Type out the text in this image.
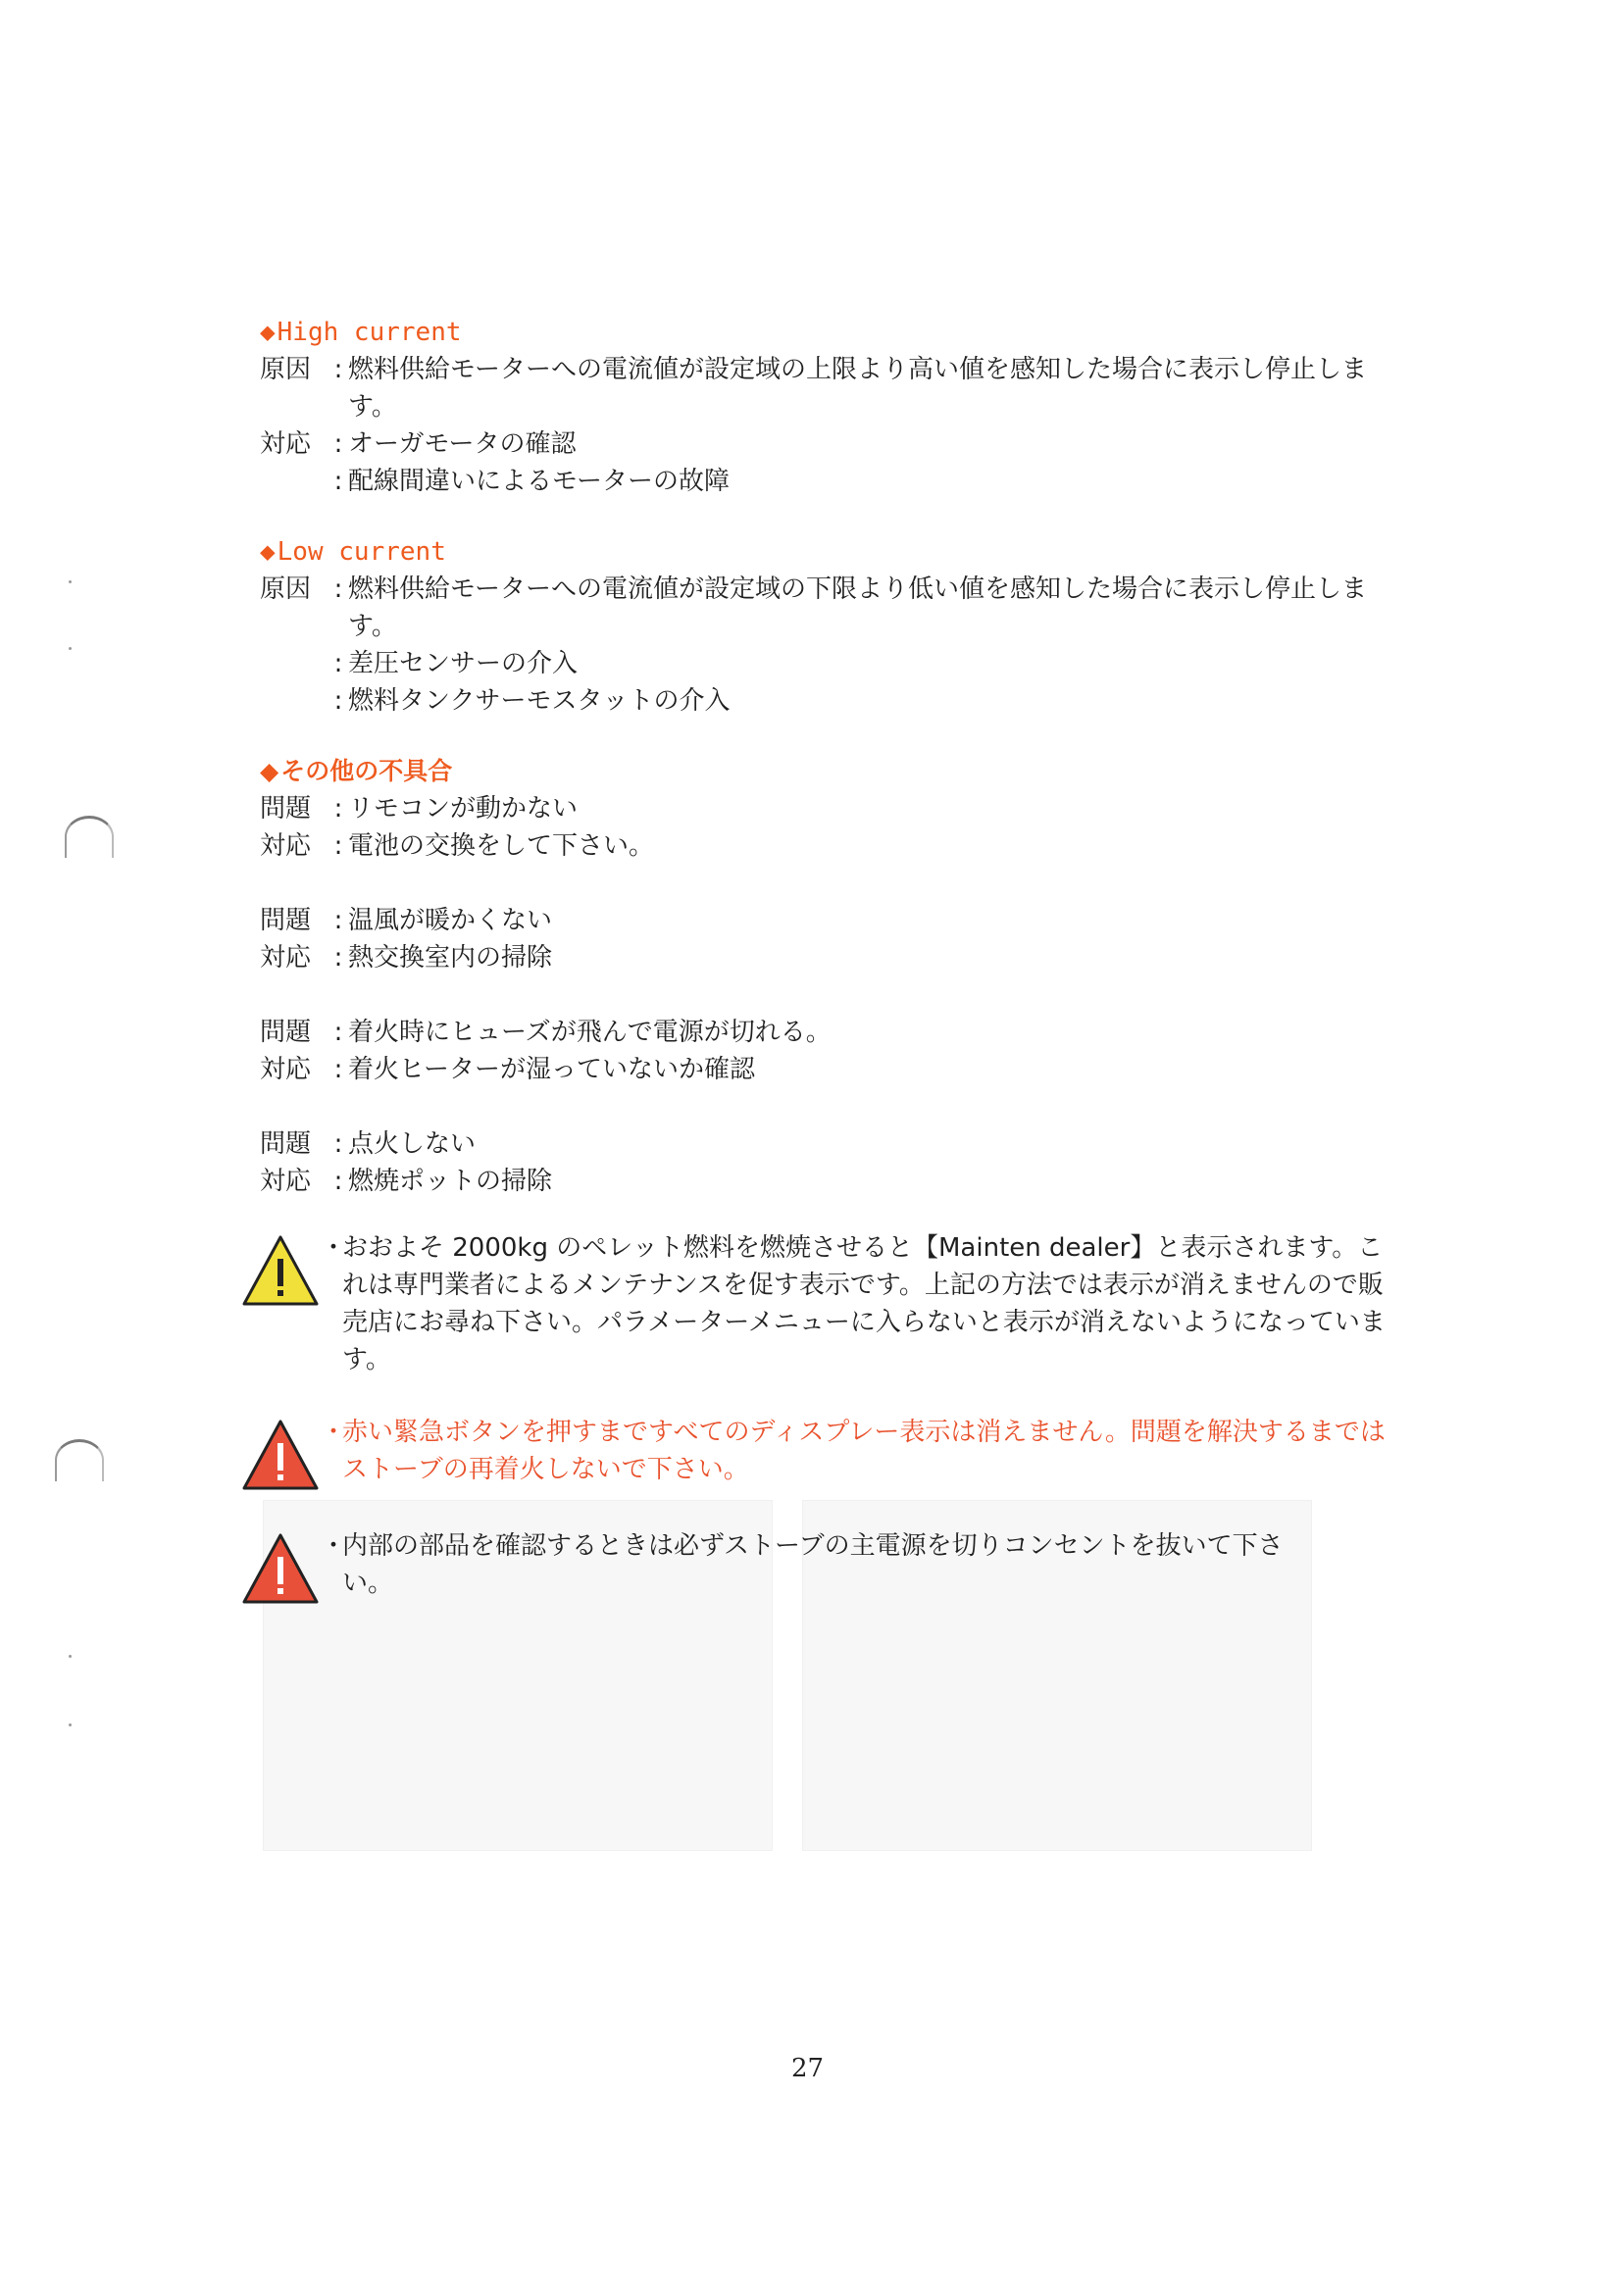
◆High current
原因 : 燃料供給モーターへの電流値が設定域の上限より高い値を感知した場合に表示し停止します。
対応 : オーガモータの確認
: 配線間違いによるモーターの故障
◆Low current
原因 : 燃料供給モーターへの電流値が設定域の下限より低い値を感知した場合に表示し停止します。
: 差圧センサーの介入
: 燃料タンクサーモスタットの介入
◆その他の不具合
問題 : リモコンが動かない
対応 : 電池の交換をして下さい。
問題 : 温風が暖かくない
対応 : 熱交換室内の掃除
問題 : 着火時にヒューズが飛んで電源が切れる。
対応 : 着火ヒーターが湿っていないか確認
問題 : 点火しない
対応 : 燃焼ポットの掃除
・
おおよそ 2000kg のペレット燃料を燃焼させると【Mainten dealer】と表示されます。これは専門業者によるメンテナンスを促す表示です。上記の方法では表示が消えませんので販売店にお尋ね下さい。パラメーターメニューに入らないと表示が消えないようになっています。
・
赤い緊急ボタンを押すまですべてのディスプレー表示は消えません。問題を解決するまではストーブの再着火しないで下さい。
・
内部の部品を確認するときは必ずストーブの主電源を切りコンセントを抜いて下さい。
27
